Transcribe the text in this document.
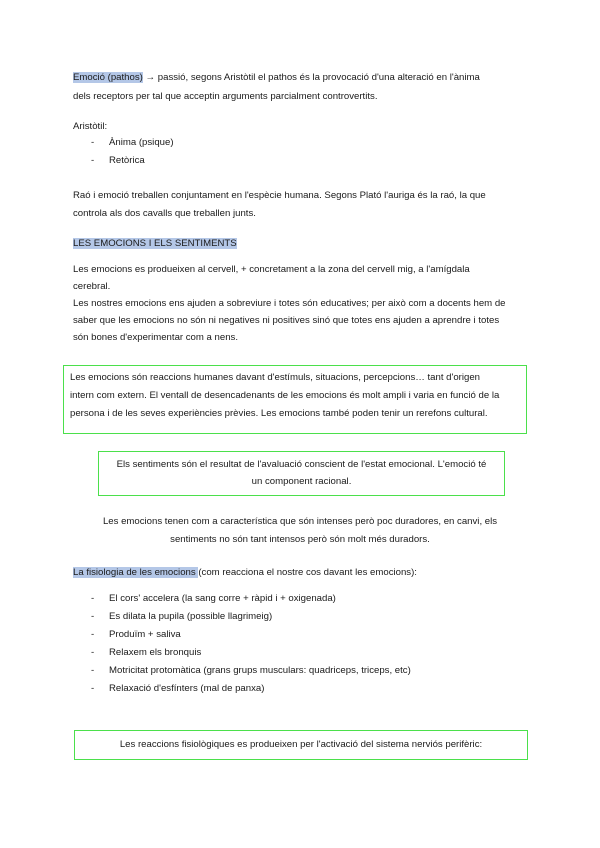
Emoció (pathos) → passió, segons Aristòtil el pathos és la provocació d'una alteració en l'ànima

dels receptors per tal que acceptin arguments parcialment controvertits.

Aristòtil:

- Ànima (psique)
- Retòrica

Raó i emoció treballen conjuntament en l'espècie humana. Segons Plató l'auriga és la raó, la que

controla als dos cavalls que treballen junts.

LES EMOCIONS I ELS SENTIMENTS

Les emocions es produeixen al cervell, + concretament a la zona del cervell mig, a l'amígdala

cerebral.

Les nostres emocions ens ajuden a sobreviure i totes són educatives; per això com a docents hem de

saber que les emocions no són ni negatives ni positives sinó que totes ens ajuden a aprendre i totes

són bones d'experimentar com a nens.

Les emocions són reaccions humanes davant d'estímuls, situacions, percepcions… tant d'origen
intern com extern. El ventall de desencadenants de les emocions és molt ampli i varia en funció de la
persona i de les seves experiències prèvies. Les emocions també poden tenir un rerefons cultural.
Els sentiments són el resultat de l'avaluació conscient de l'estat emocional. L'emoció té
un component racional.

Les emocions tenen com a característica que són intenses però poc duradores, en canvi, els

sentiments no són tant intensos però són molt més duradors.

La fisiologia de les emocions (com reacciona el nostre cos davant les emocions):

- El cors' accelera (la sang corre + ràpid i + oxigenada)
- Es dilata la pupila (possible llagrimeig)
- Produïm + saliva
- Relaxem els bronquis
- Motricitat protomàtica (grans grups musculars: quadriceps, triceps, etc)
- Relaxació d'esfínters (mal de panxa)
Les reaccions fisiològiques es produeixen per l'activació del sistema nerviós perifèric:
